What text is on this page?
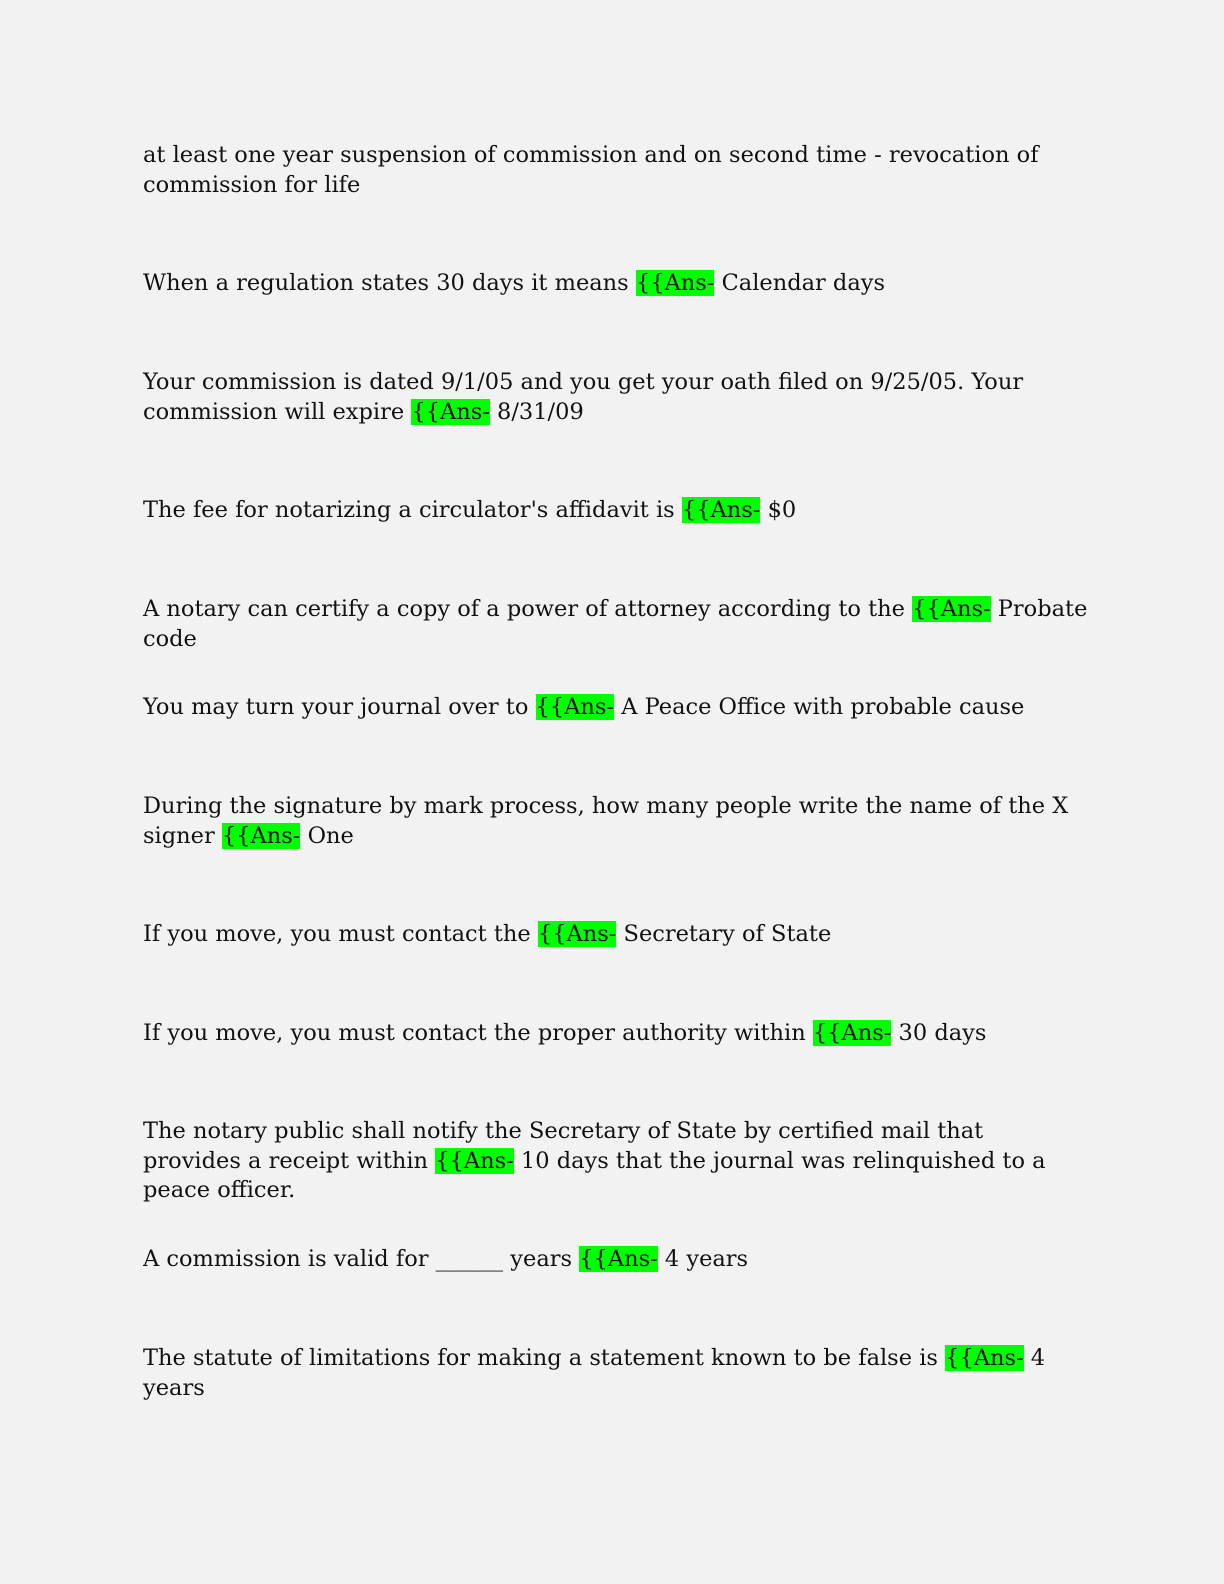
at least one year suspension of commission and on second time - revocation of commission for life

When a regulation states 30 days it means {{Ans- Calendar days

Your commission is dated 9/1/05 and you get your oath filed on 9/25/05. Your commission will expire {{Ans- 8/31/09

The fee for notarizing a circulator's affidavit is {{Ans- $0

A notary can certify a copy of a power of attorney according to the {{Ans- Probate code

You may turn your journal over to {{Ans- A Peace Office with probable cause

During the signature by mark process, how many people write the name of the X signer {{Ans- One

If you move, you must contact the {{Ans- Secretary of State

If you move, you must contact the proper authority within {{Ans- 30 days

The notary public shall notify the Secretary of State by certified mail that provides a receipt within {{Ans- 10 days that the journal was relinquished to a peace officer.

A commission is valid for ______ years {{Ans- 4 years

The statute of limitations for making a statement known to be false is {{Ans- 4 years
